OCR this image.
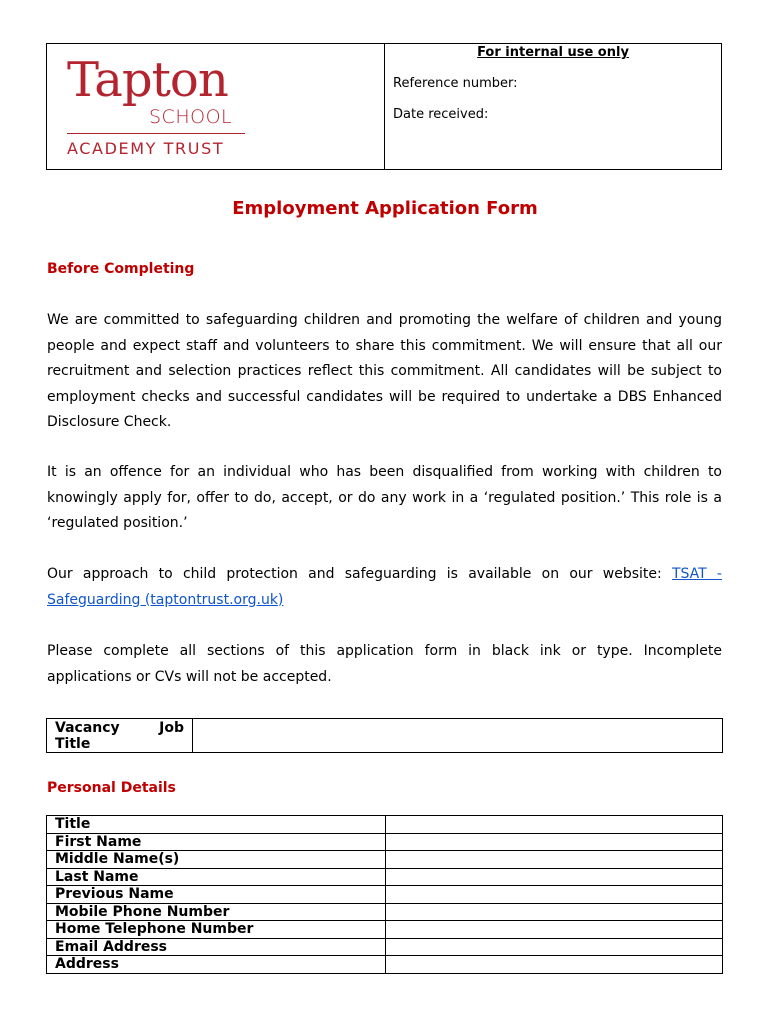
Tapton
SCHOOL
ACADEMY TRUST
For internal use only
Reference number:
Date received:
Employment Application Form
Before Completing

We are committed to safeguarding children and promoting the welfare of children and young people and expect staff and volunteers to share this commitment. We will ensure that all our recruitment and selection practices reflect this commitment. All candidates will be subject to employment checks and successful candidates will be required to undertake a DBS Enhanced Disclosure Check.

It is an offence for an individual who has been disqualified from working with children to knowingly apply for, offer to do, accept, or do any work in a ‘regulated position.’ This role is a ‘regulated position.’

Our approach to child protection and safeguarding is available on our website: TSAT - Safeguarding (taptontrust.org.uk)

Please complete all sections of this application form in black ink or type. Incomplete applications or CVs will not be accepted.

Vacancy Job
Title
Personal Details
Title	
First Name	
Middle Name(s)	
Last Name	
Previous Name	
Mobile Phone Number	
Home Telephone Number	
Email Address	
Address	
